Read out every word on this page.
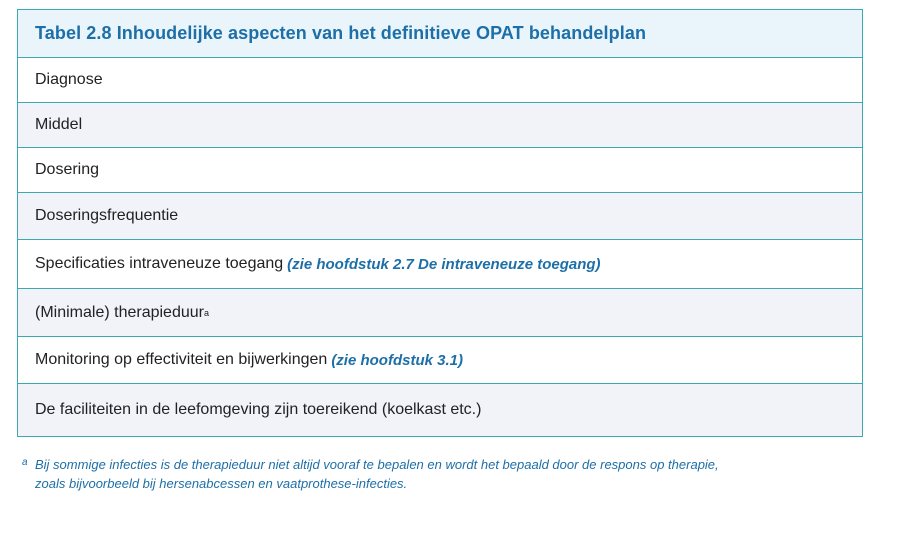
Tabel 2.8 Inhoudelijke aspecten van het definitieve OPAT behandelplan
Diagnose
Middel
Dosering
Doseringsfrequentie
Specificaties intraveneuze toegang (zie hoofdstuk 2.7 De intraveneuze toegang)
(Minimale) therapieduur a
Monitoring op effectiviteit en bijwerkingen (zie hoofdstuk 3.1)
De faciliteiten in de leefomgeving zijn toereikend (koelkast etc.)
a Bij sommige infecties is de therapieduur niet altijd vooraf te bepalen en wordt het bepaald door de respons op therapie,
zoals bijvoorbeeld bij hersenabcessen en vaatprothese-infecties.
